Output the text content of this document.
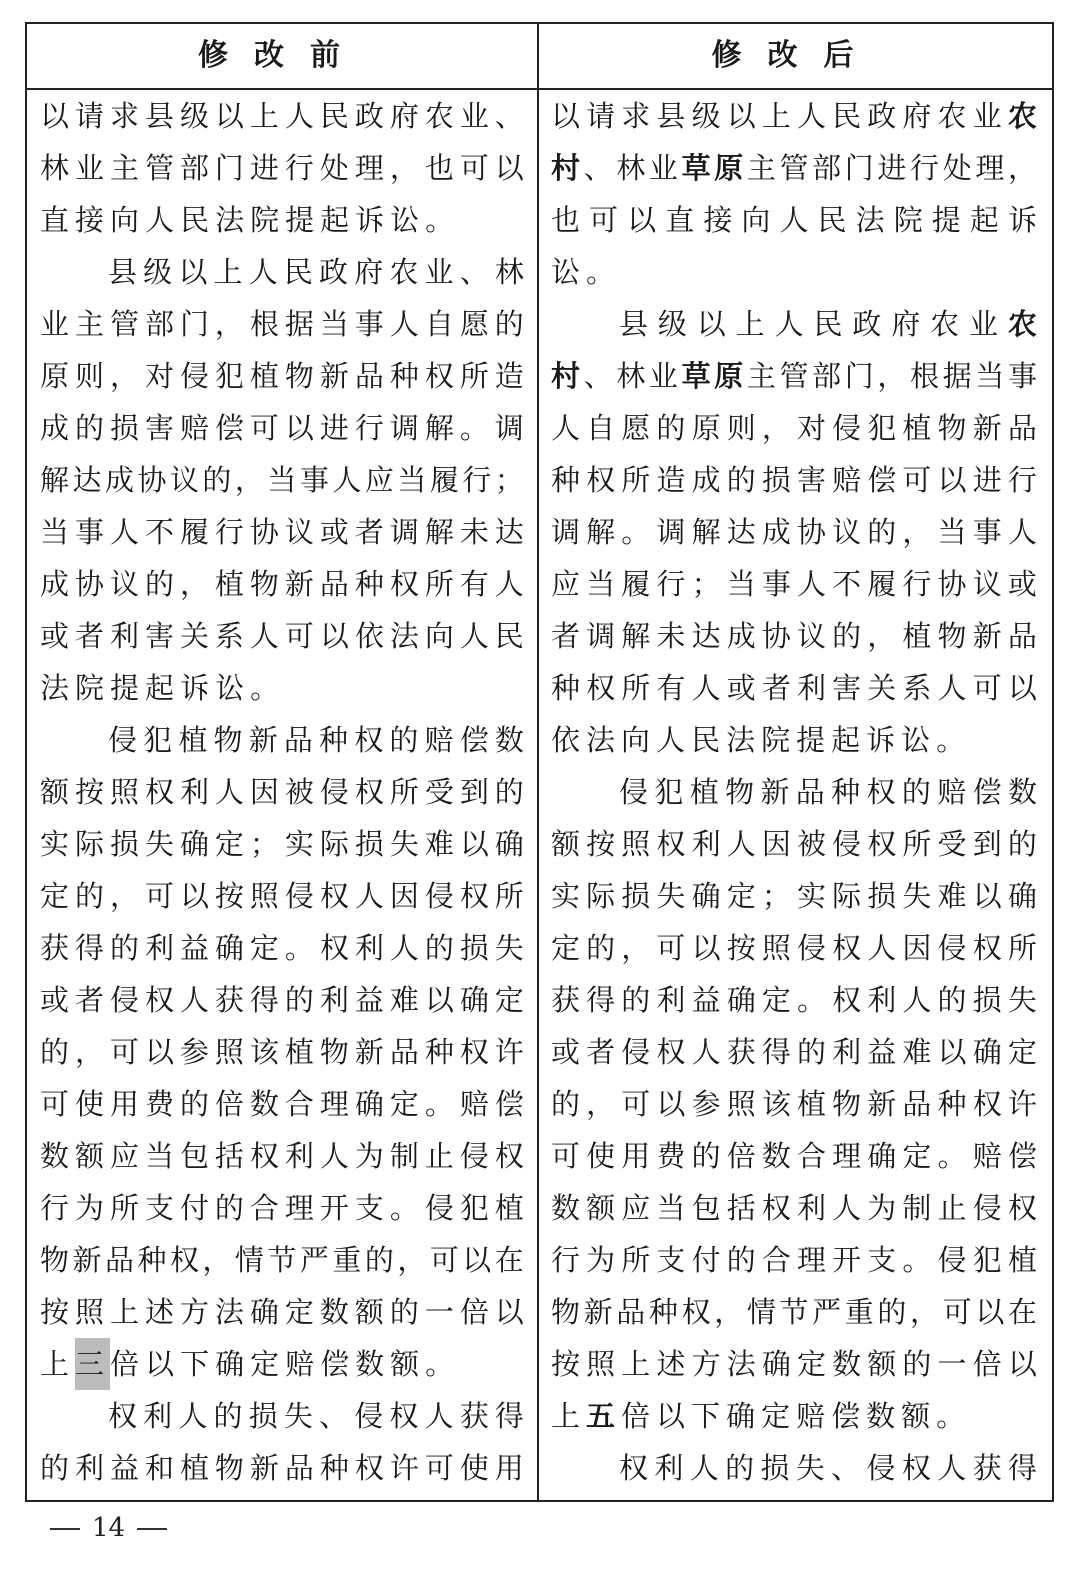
修改前	修改后
以 请 求 县 级 以 上 人 民 政 府 农 业 、
林 业 主 管 部 门 进 行 处 理 ， 也 可 以
直 接 向 人 民 法 院 提 起 诉 讼 。
县 级 以 上 人 民 政 府 农 业 、 林
业 主 管 部 门 ， 根 据 当 事 人 自 愿 的
原 则 ， 对 侵 犯 植 物 新 品 种 权 所 造
成 的 损 害 赔 偿 可 以 进 行 调 解 。 调
解 达 成 协 议 的 ， 当 事 人 应 当 履 行 ；
当 事 人 不 履 行 协 议 或 者 调 解 未 达
成 协 议 的 ， 植 物 新 品 种 权 所 有 人
或 者 利 害 关 系 人 可 以 依 法 向 人 民
法 院 提 起 诉 讼 。
侵 犯 植 物 新 品 种 权 的 赔 偿 数
额 按 照 权 利 人 因 被 侵 权 所 受 到 的
实 际 损 失 确 定 ； 实 际 损 失 难 以 确
定 的 ， 可 以 按 照 侵 权 人 因 侵 权 所
获 得 的 利 益 确 定 。 权 利 人 的 损 失
或 者 侵 权 人 获 得 的 利 益 难 以 确 定
的 ， 可 以 参 照 该 植 物 新 品 种 权 许
可 使 用 费 的 倍 数 合 理 确 定 。 赔 偿
数 额 应 当 包 括 权 利 人 为 制 止 侵 权
行 为 所 支 付 的 合 理 开 支 。 侵 犯 植
物 新 品 种 权 ， 情 节 严 重 的 ， 可 以 在
按 照 上 述 方 法 确 定 数 额 的 一 倍 以
上 三 倍 以 下 确 定 赔 偿 数 额 。
权 利 人 的 损 失 、 侵 权 人 获 得
的 利 益 和 植 物 新 品 种 权 许 可 使 用
以 请 求 县 级 以 上 人 民 政 府 农 业 农
村 、 林 业 草 原 主 管 部 门 进 行 处 理 ，
也 可 以 直 接 向 人 民 法 院 提 起 诉
讼 。
县 级 以 上 人 民 政 府 农 业 农
村 、 林 业 草 原 主 管 部 门 ， 根 据 当 事
人 自 愿 的 原 则 ， 对 侵 犯 植 物 新 品
种 权 所 造 成 的 损 害 赔 偿 可 以 进 行
调 解 。 调 解 达 成 协 议 的 ， 当 事 人
应 当 履 行 ； 当 事 人 不 履 行 协 议 或
者 调 解 未 达 成 协 议 的 ， 植 物 新 品
种 权 所 有 人 或 者 利 害 关 系 人 可 以
依 法 向 人 民 法 院 提 起 诉 讼 。
侵 犯 植 物 新 品 种 权 的 赔 偿 数
额 按 照 权 利 人 因 被 侵 权 所 受 到 的
实 际 损 失 确 定 ； 实 际 损 失 难 以 确
定 的 ， 可 以 按 照 侵 权 人 因 侵 权 所
获 得 的 利 益 确 定 。 权 利 人 的 损 失
或 者 侵 权 人 获 得 的 利 益 难 以 确 定
的 ， 可 以 参 照 该 植 物 新 品 种 权 许
可 使 用 费 的 倍 数 合 理 确 定 。 赔 偿
数 额 应 当 包 括 权 利 人 为 制 止 侵 权
行 为 所 支 付 的 合 理 开 支 。 侵 犯 植
物 新 品 种 权 ， 情 节 严 重 的 ， 可 以 在
按 照 上 述 方 法 确 定 数 额 的 一 倍 以
上 五 倍 以 下 确 定 赔 偿 数 额 。
权 利 人 的 损 失 、 侵 权 人 获 得
14
